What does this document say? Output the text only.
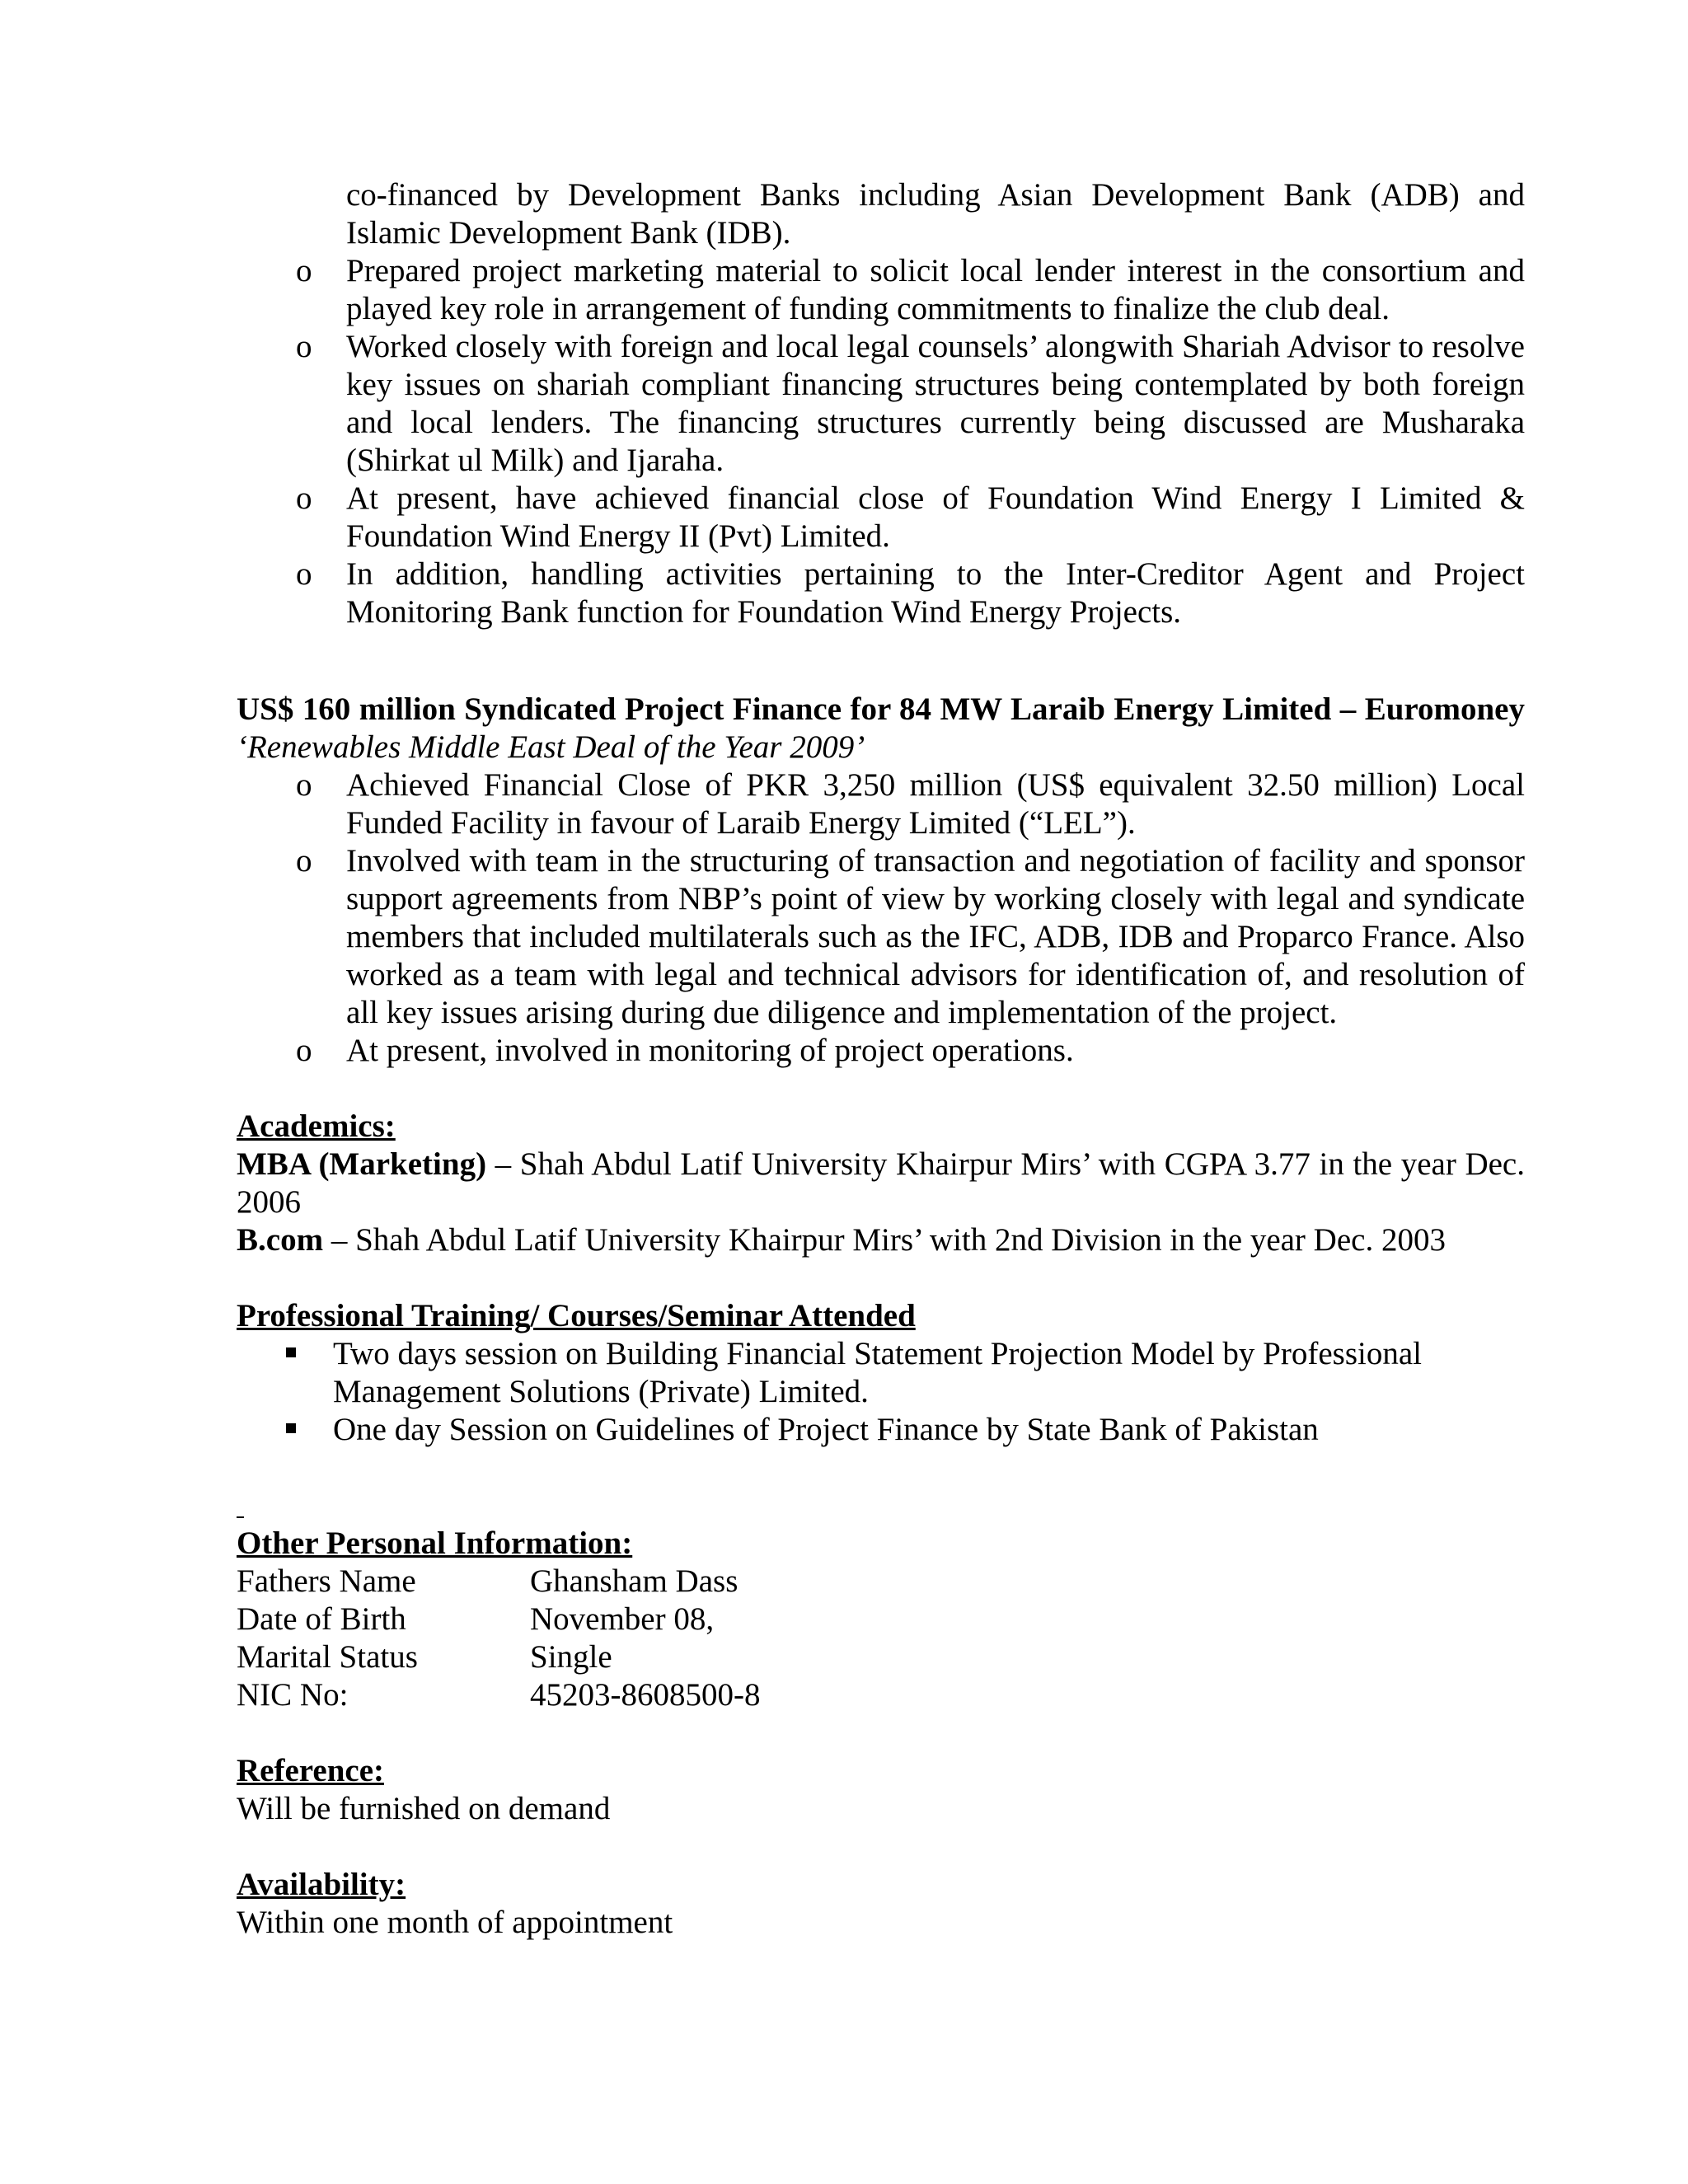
co-financed by Development Banks including Asian Development Bank (ADB) and Islamic Development Bank (IDB).
o Prepared project marketing material to solicit local lender interest in the consortium and played key role in arrangement of funding commitments to finalize the club deal.
o Worked closely with foreign and local legal counsels’ alongwith Shariah Advisor to resolve key issues on shariah compliant financing structures being contemplated by both foreign and local lenders. The financing structures currently being discussed are Musharaka (Shirkat ul Milk) and Ijaraha.
o At present, have achieved financial close of Foundation Wind Energy I Limited & Foundation Wind Energy II (Pvt) Limited.
o In addition, handling activities pertaining to the Inter-Creditor Agent and Project Monitoring Bank function for Foundation Wind Energy Projects.
US$ 160 million Syndicated Project Finance for 84 MW Laraib Energy Limited – Euromoney ‘Renewables Middle East Deal of the Year 2009’
o Achieved Financial Close of PKR 3,250 million (US$ equivalent 32.50 million) Local Funded Facility in favour of Laraib Energy Limited (“LEL”).
o Involved with team in the structuring of transaction and negotiation of facility and sponsor support agreements from NBP’s point of view by working closely with legal and syndicate members that included multilaterals such as the IFC, ADB, IDB and Proparco France. Also worked as a team with legal and technical advisors for identification of, and resolution of all key issues arising during due diligence and implementation of the project.
o At present, involved in monitoring of project operations.
Academics:
MBA (Marketing) – Shah Abdul Latif University Khairpur Mirs’ with CGPA 3.77 in the year Dec. 2006
B.com – Shah Abdul Latif University Khairpur Mirs’ with 2nd Division in the year Dec. 2003
Professional Training/ Courses/Seminar Attended
Two days session on Building Financial Statement Projection Model by Professional Management Solutions (Private) Limited.
One day Session on Guidelines of Project Finance by State Bank of Pakistan
Other Personal Information:
Fathers Name	Ghansham Dass
Date of Birth	November 08,
Marital Status	Single
NIC No:	45203-8608500-8
Reference:
Will be furnished on demand
Availability:
Within one month of appointment
